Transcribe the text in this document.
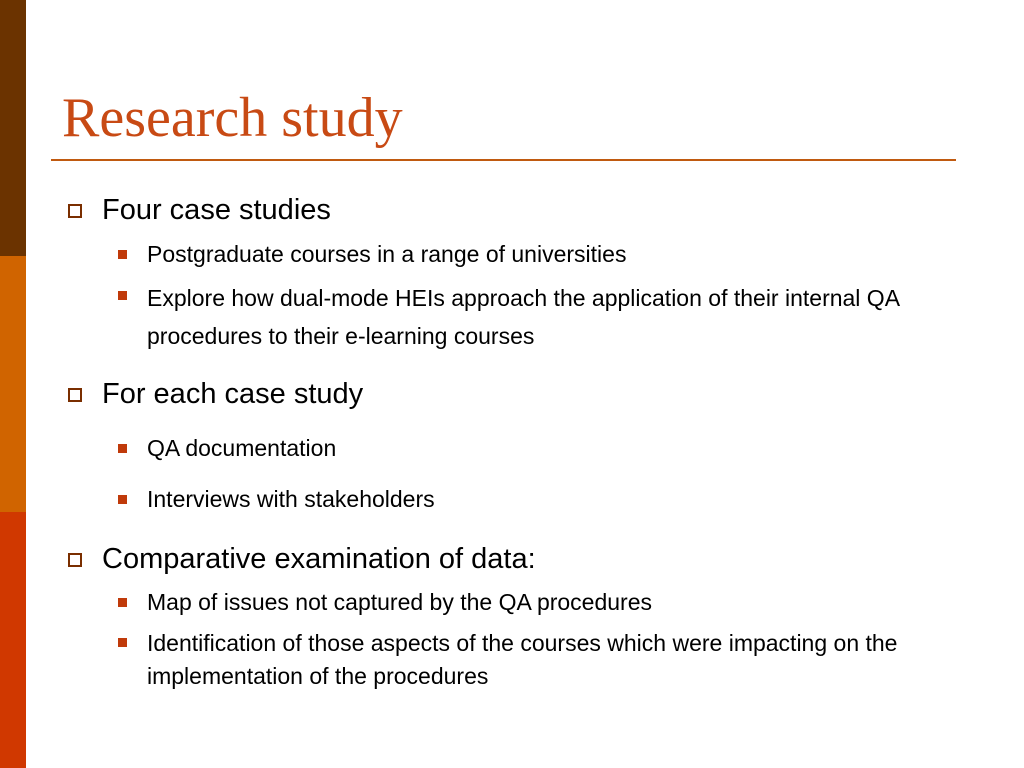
Research study
Four case studies
Postgraduate courses in a range of universities
Explore how dual-mode HEIs approach the application of their internal QA procedures to their e-learning courses
For each case study
QA documentation
Interviews with stakeholders
Comparative examination of data:
Map of issues not captured by the QA procedures
Identification of those aspects of the courses which were impacting on the implementation of the procedures
